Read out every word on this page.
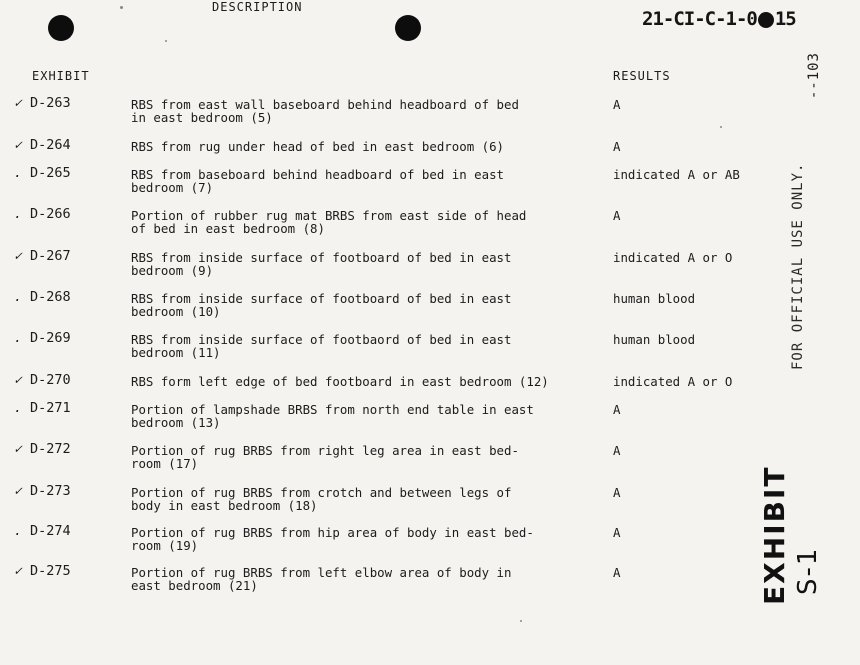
21-CI-C-1-0 15
--103
FOR OFFICIAL USE ONLY.
EXHIBIT S-1
EXHIBIT
DESCRIPTION
RESULTS
✓ D-263	RBS from east wall baseboard behind headboard of bed
in east bedroom (5)
A
✓ D-264	RBS from rug under head of bed in east bedroom (6)	A
. D-265	RBS from baseboard behind headboard of bed in east
bedroom (7)
indicated A or AB
. D-266	Portion of rubber rug mat BRBS from east side of head
of bed in east bedroom (8)
A
✓ D-267	RBS from inside surface of footboard of bed in east
bedroom (9)
indicated A or O
. D-268	RBS from inside surface of footboard of bed in east
bedroom (10)
human blood
. D-269	RBS from inside surface of footbaord of bed in east
bedroom (11)
human blood
✓ D-270	RBS form left edge of bed footboard in east bedroom (12)	indicated A or O
. D-271	Portion of lampshade BRBS from north end table in east
bedroom (13)
A
✓ D-272	Portion of rug BRBS from right leg area in east bed-
room (17)
A
✓ D-273	Portion of rug BRBS from crotch and between legs of
body in east bedroom (18)
A
. D-274	Portion of rug BRBS from hip area of body in east bed-
room (19)
A
✓ D-275	Portion of rug BRBS from left elbow area of body in
east bedroom (21)
A
